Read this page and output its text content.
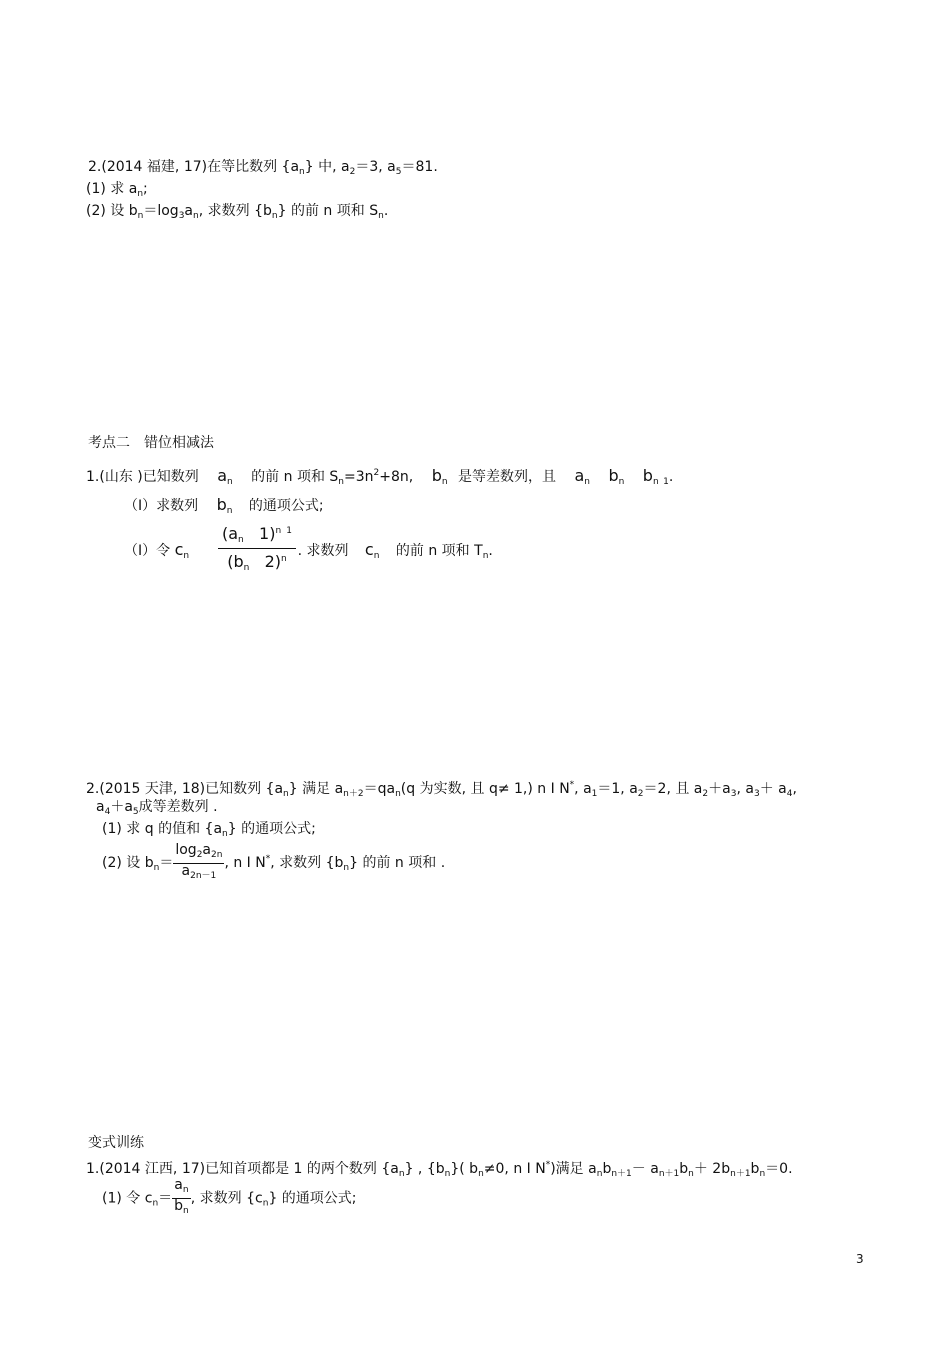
2.(2014 福建, 17)在等比数列 $\{a_n\}$ 中, $a_2=3$, $a_5=81$.
(1) 求 $a_n$;
(2) 设 $b_n=\log_3a_n$, 求数列 $\{b_n\}$ 的前 n 项和 $S_n$.
考点二　错位相减法
1.(山东 )已知数列 $a_n$ 的前 n 项和 $S_n=3n^2+8n$, $b_n$ 是等差数列，且 $a_n$ $b_n$ $b_n$ $_1$.
（Ⅰ）求数列 $b_n$ 的通项公式;
（Ⅰ）令 $c_n$	. 求数列 $c_n$ 的前 n 项和 $T_n$.
$\frac{(a_n 1)^n ^1}{(b_n 2)^n}$
2.(2015 天津, 18)已知数列 $\{a_n\}$ 满足 $a_{n+2}=qa_n(q$ 为实数, 且 q≠ 1,) n I N*, $a_1=1$, $a_2=2$, 且 $a_2+a_3$, $a_3+ a_4$,
$a_4+a_5$成等差数列 .
(1) 求 q 的值和 $\{a_n\}$ 的通项公式;
(2) 设 $b_n= \frac{\log_2a_{2n}}{a_{2n-1}}$ , n I N*, 求数列 $\{b_n\}$ 的前 n 项和 .
变式训练
1.(2014 江西, 17)已知首项都是 1 的两个数列 $\{a_n\}$ , $\{b_n\}$( $b_n\ne 0$, n I N*)满足 $a_nb_{n+1}- a_{n+1}b_n+ 2b_{n+1}b_n=0$.
(1) 令 $c_n= \frac{a_n}{b_n}$ , 求数列 $\{c_n\}$ 的通项公式;
3
